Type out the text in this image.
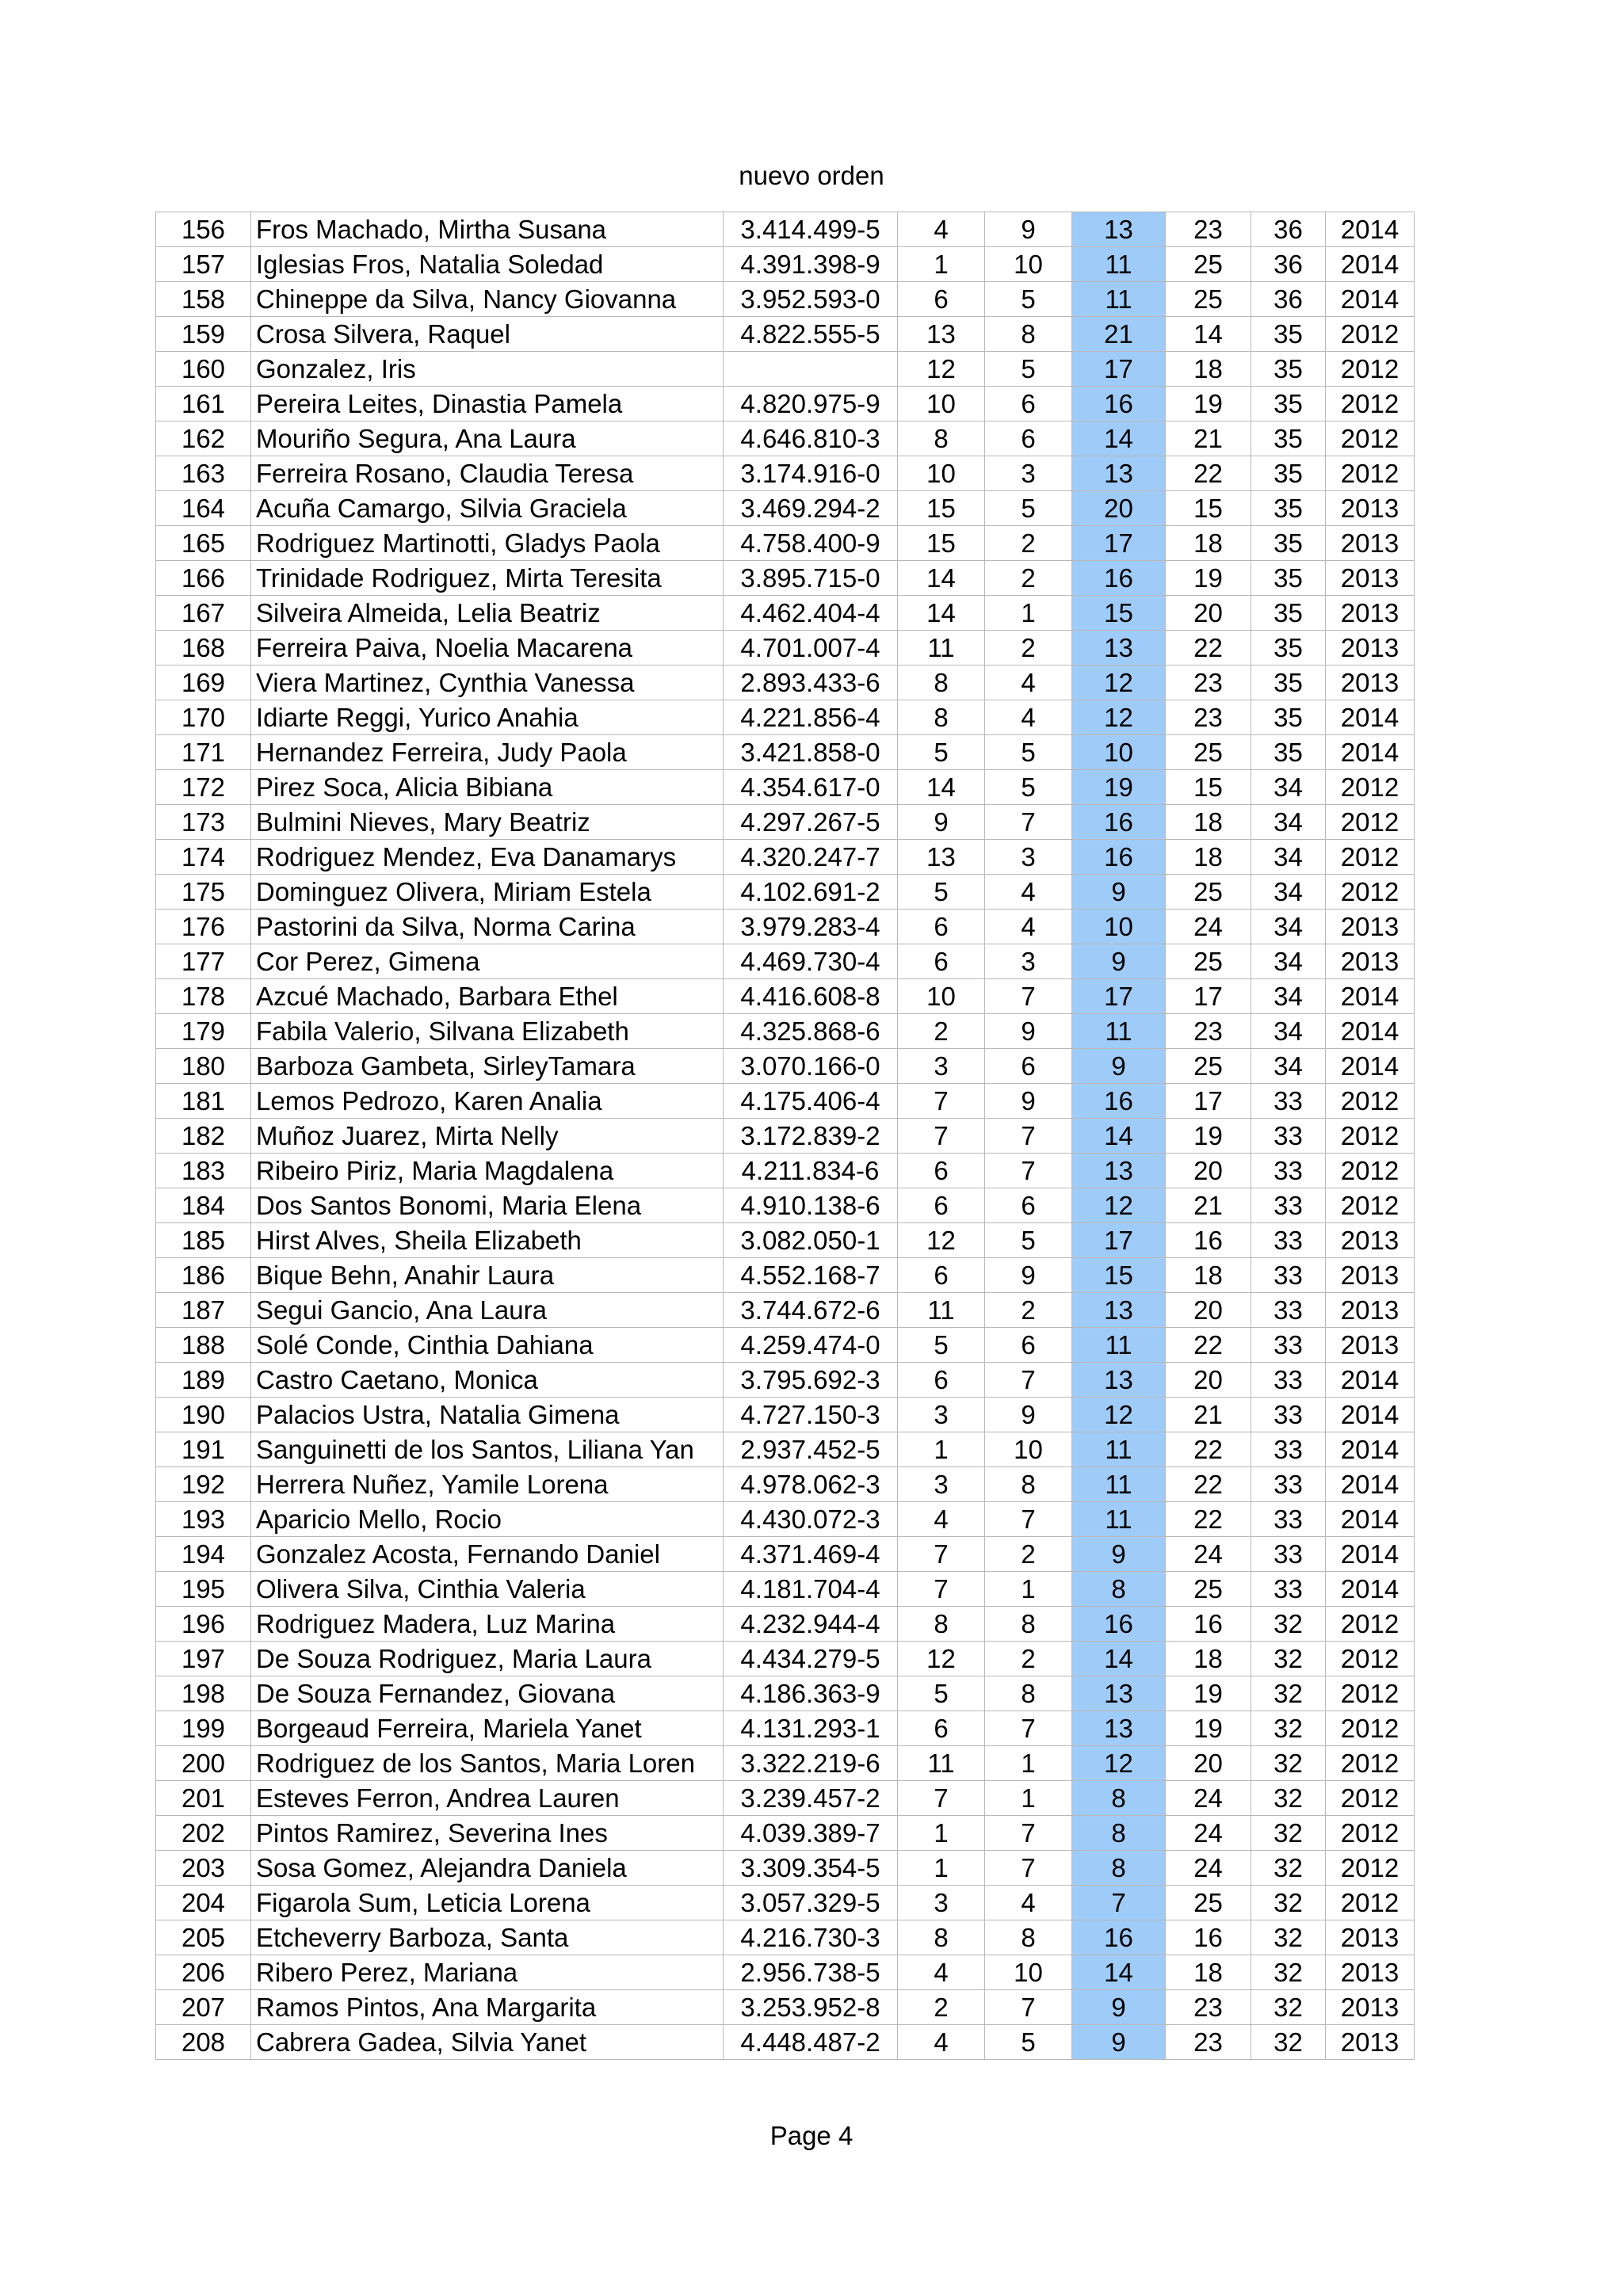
nuevo orden
156	Fros Machado, Mirtha Susana	3.414.499-5	4	9	13	23	36	2014
157	Iglesias Fros, Natalia Soledad	4.391.398-9	1	10	11	25	36	2014
158	Chineppe da Silva, Nancy Giovanna	3.952.593-0	6	5	11	25	36	2014
159	Crosa Silvera, Raquel	4.822.555-5	13	8	21	14	35	2012
160	Gonzalez, Iris		12	5	17	18	35	2012
161	Pereira Leites, Dinastia Pamela	4.820.975-9	10	6	16	19	35	2012
162	Mouriño Segura, Ana Laura	4.646.810-3	8	6	14	21	35	2012
163	Ferreira Rosano, Claudia Teresa	3.174.916-0	10	3	13	22	35	2012
164	Acuña Camargo, Silvia Graciela	3.469.294-2	15	5	20	15	35	2013
165	Rodriguez Martinotti, Gladys Paola	4.758.400-9	15	2	17	18	35	2013
166	Trinidade Rodriguez, Mirta Teresita	3.895.715-0	14	2	16	19	35	2013
167	Silveira Almeida, Lelia Beatriz	4.462.404-4	14	1	15	20	35	2013
168	Ferreira Paiva, Noelia Macarena	4.701.007-4	11	2	13	22	35	2013
169	Viera Martinez, Cynthia Vanessa	2.893.433-6	8	4	12	23	35	2013
170	Idiarte Reggi, Yurico Anahia	4.221.856-4	8	4	12	23	35	2014
171	Hernandez Ferreira, Judy Paola	3.421.858-0	5	5	10	25	35	2014
172	Pirez Soca, Alicia Bibiana	4.354.617-0	14	5	19	15	34	2012
173	Bulmini Nieves, Mary Beatriz	4.297.267-5	9	7	16	18	34	2012
174	Rodriguez Mendez, Eva Danamarys	4.320.247-7	13	3	16	18	34	2012
175	Dominguez Olivera, Miriam Estela	4.102.691-2	5	4	9	25	34	2012
176	Pastorini da Silva, Norma Carina	3.979.283-4	6	4	10	24	34	2013
177	Cor Perez, Gimena	4.469.730-4	6	3	9	25	34	2013
178	Azcué Machado, Barbara Ethel	4.416.608-8	10	7	17	17	34	2014
179	Fabila Valerio, Silvana Elizabeth	4.325.868-6	2	9	11	23	34	2014
180	Barboza Gambeta, SirleyTamara	3.070.166-0	3	6	9	25	34	2014
181	Lemos Pedrozo, Karen Analia	4.175.406-4	7	9	16	17	33	2012
182	Muñoz Juarez, Mirta Nelly	3.172.839-2	7	7	14	19	33	2012
183	Ribeiro Piriz, Maria Magdalena	4.211.834-6	6	7	13	20	33	2012
184	Dos Santos Bonomi, Maria Elena	4.910.138-6	6	6	12	21	33	2012
185	Hirst Alves, Sheila Elizabeth	3.082.050-1	12	5	17	16	33	2013
186	Bique Behn, Anahir Laura	4.552.168-7	6	9	15	18	33	2013
187	Segui Gancio, Ana Laura	3.744.672-6	11	2	13	20	33	2013
188	Solé Conde, Cinthia Dahiana	4.259.474-0	5	6	11	22	33	2013
189	Castro Caetano, Monica	3.795.692-3	6	7	13	20	33	2014
190	Palacios Ustra, Natalia Gimena	4.727.150-3	3	9	12	21	33	2014
191	Sanguinetti de los Santos, Liliana Yan	2.937.452-5	1	10	11	22	33	2014
192	Herrera Nuñez, Yamile Lorena	4.978.062-3	3	8	11	22	33	2014
193	Aparicio Mello, Rocio	4.430.072-3	4	7	11	22	33	2014
194	Gonzalez Acosta, Fernando Daniel	4.371.469-4	7	2	9	24	33	2014
195	Olivera Silva, Cinthia Valeria	4.181.704-4	7	1	8	25	33	2014
196	Rodriguez Madera, Luz Marina	4.232.944-4	8	8	16	16	32	2012
197	De Souza Rodriguez, Maria Laura	4.434.279-5	12	2	14	18	32	2012
198	De Souza Fernandez, Giovana	4.186.363-9	5	8	13	19	32	2012
199	Borgeaud Ferreira, Mariela Yanet	4.131.293-1	6	7	13	19	32	2012
200	Rodriguez de los Santos, Maria Loren	3.322.219-6	11	1	12	20	32	2012
201	Esteves Ferron, Andrea Lauren	3.239.457-2	7	1	8	24	32	2012
202	Pintos Ramirez, Severina Ines	4.039.389-7	1	7	8	24	32	2012
203	Sosa Gomez, Alejandra Daniela	3.309.354-5	1	7	8	24	32	2012
204	Figarola Sum, Leticia Lorena	3.057.329-5	3	4	7	25	32	2012
205	Etcheverry Barboza, Santa	4.216.730-3	8	8	16	16	32	2013
206	Ribero Perez, Mariana	2.956.738-5	4	10	14	18	32	2013
207	Ramos Pintos, Ana Margarita	3.253.952-8	2	7	9	23	32	2013
208	Cabrera Gadea, Silvia Yanet	4.448.487-2	4	5	9	23	32	2013
Page 4
